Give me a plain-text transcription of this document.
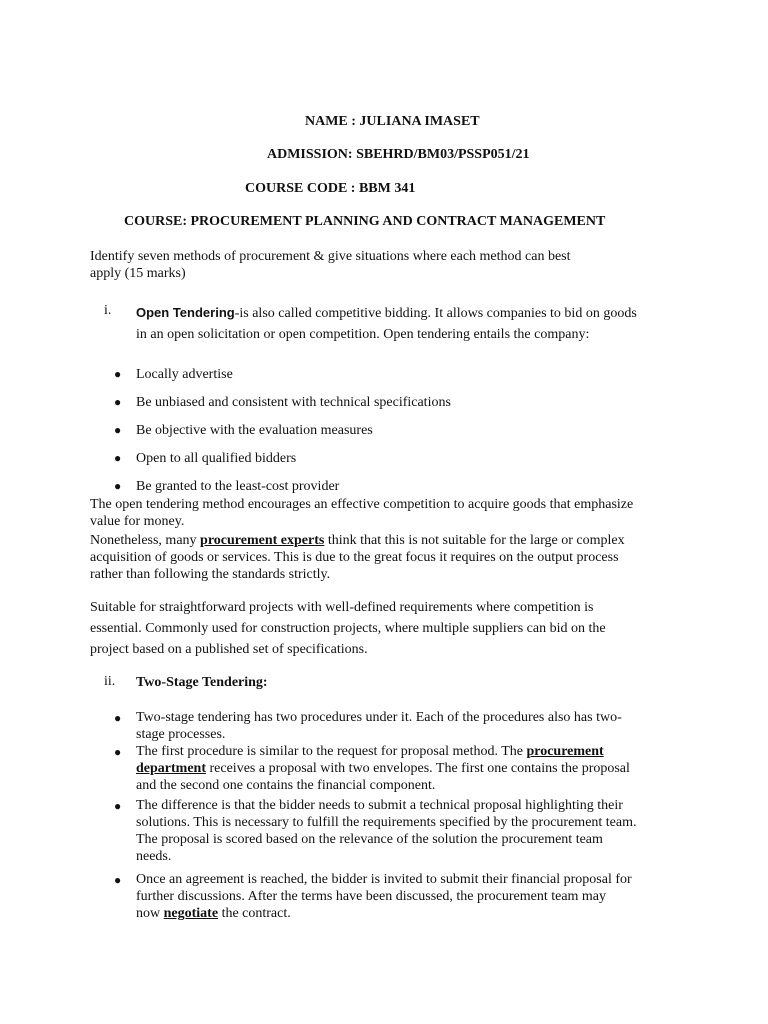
NAME : JULIANA IMASET
ADMISSION: SBEHRD/BM03/PSSP051/21
COURSE CODE : BBM 341
COURSE: PROCUREMENT PLANNING AND CONTRACT MANAGEMENT
Identify seven methods of procurement & give situations where each method can best
apply (15 marks)
i. Open Tendering-is also called competitive bidding. It allows companies to bid on goods
in an open solicitation or open competition. Open tendering entails the company:
● Locally advertise
● Be unbiased and consistent with technical specifications
● Be objective with the evaluation measures
● Open to all qualified bidders
● Be granted to the least-cost provider
The open tendering method encourages an effective competition to acquire goods that emphasize
value for money.
Nonetheless, many procurement experts think that this is not suitable for the large or complex
acquisition of goods or services. This is due to the great focus it requires on the output process
rather than following the standards strictly.
Suitable for straightforward projects with well-defined requirements where competition is
essential. Commonly used for construction projects, where multiple suppliers can bid on the
project based on a published set of specifications.
ii. Two-Stage Tendering:
● Two-stage tendering has two procedures under it. Each of the procedures also has two-
stage processes.
● The first procedure is similar to the request for proposal method. The procurement
department receives a proposal with two envelopes. The first one contains the proposal
and the second one contains the financial component.
● The difference is that the bidder needs to submit a technical proposal highlighting their
solutions. This is necessary to fulfill the requirements specified by the procurement team.
The proposal is scored based on the relevance of the solution the procurement team
needs.
● Once an agreement is reached, the bidder is invited to submit their financial proposal for
further discussions. After the terms have been discussed, the procurement team may
now negotiate the contract.
